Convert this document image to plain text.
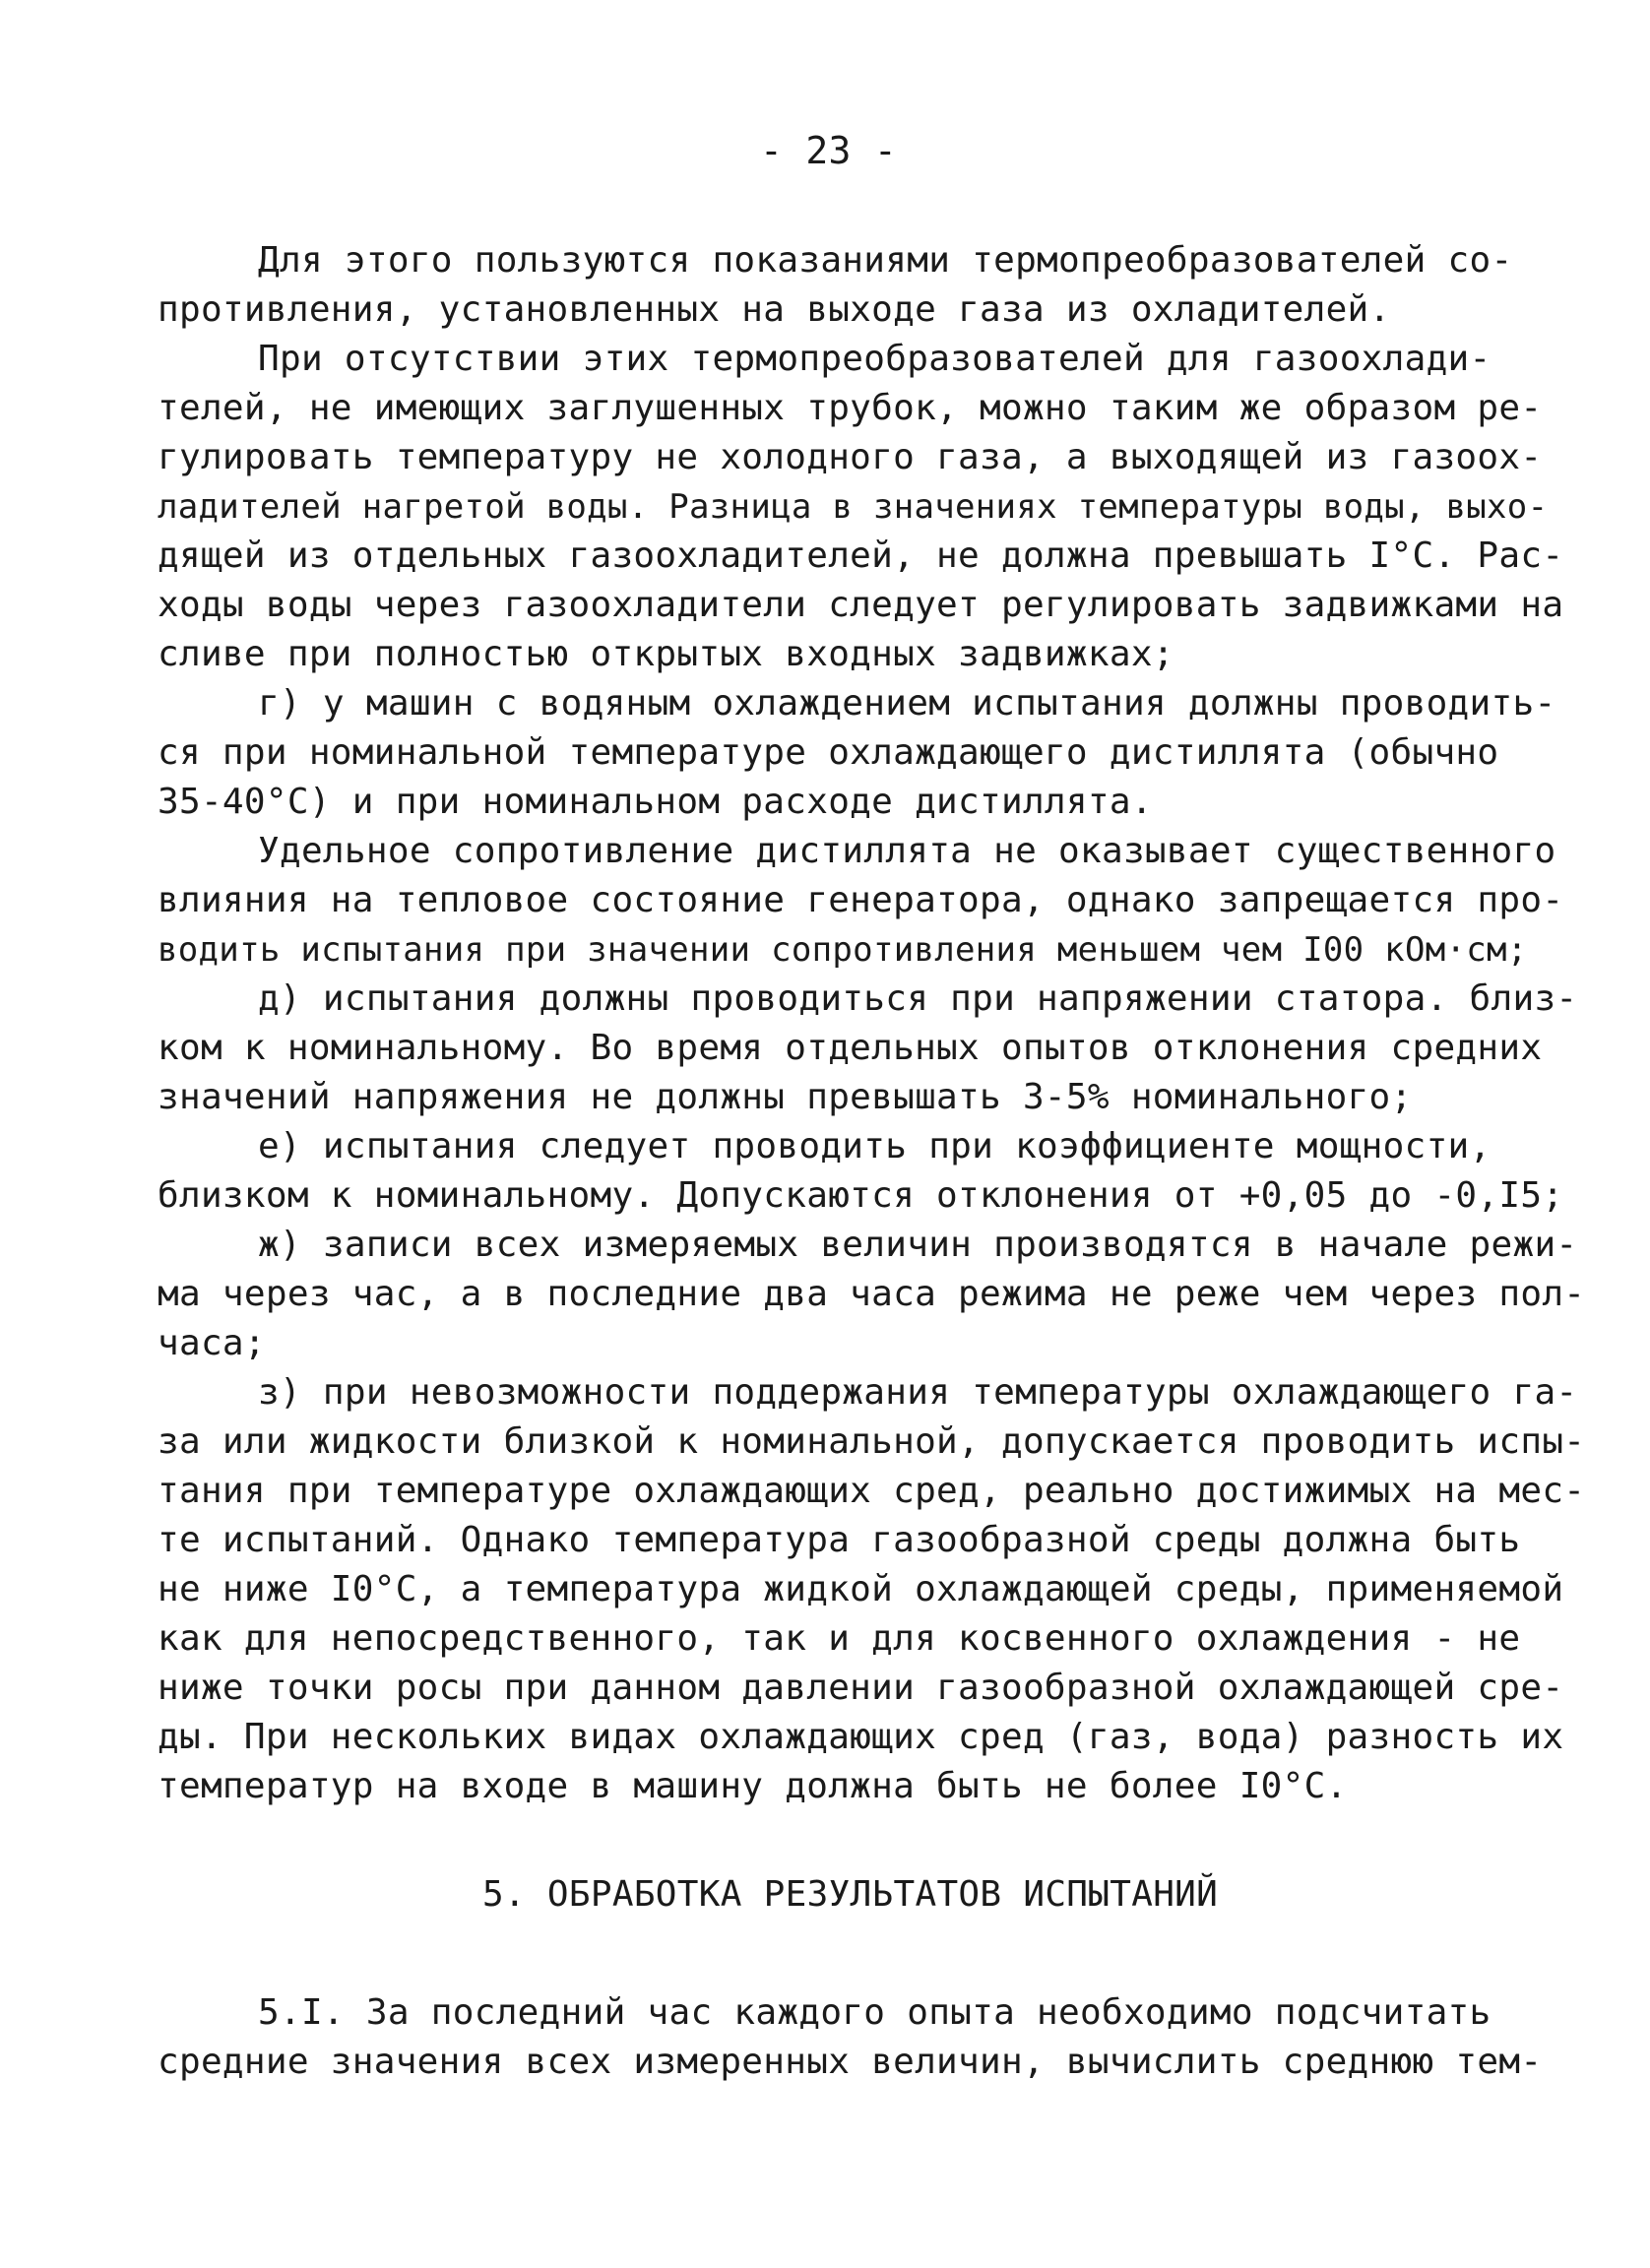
- 23 -
Для этого пользуются показаниями термопреобразователей со-
противления, установленных на выходе газа из охладителей.
При отсутствии этих термопреобразователей для газоохлади-
телей, не имеющих заглушенных трубок, можно таким же образом ре-
гулировать температуру не холодного газа, а выходящей из газоох-
ладителей нагретой воды. Разница в значениях температуры воды, выхо-
дящей из отдельных газоохладителей, не должна превышать I°С. Рас-
ходы воды через газоохладители следует регулировать задвижками на
сливе при полностью открытых входных задвижках;
г) у машин с водяным охлаждением испытания должны проводить-
ся при номинальной температуре охлаждающего дистиллята (обычно
35-40°С) и при номинальном расходе дистиллята.
Удельное сопротивление дистиллята не оказывает существенного
влияния на тепловое состояние генератора, однако запрещается про-
водить испытания при значении сопротивления меньшем чем I00 кОм·см;
д) испытания должны проводиться при напряжении статора. близ-
ком к номинальному. Во время отдельных опытов отклонения средних
значений напряжения не должны превышать 3-5% номинального;
е) испытания следует проводить при коэффициенте мощности,
близком к номинальному. Допускаются отклонения от +0,05 до -0,I5;
ж) записи всех измеряемых величин производятся в начале режи-
ма через час, а в последние два часа режима не реже чем через пол-
часа;
з) при невозможности поддержания температуры охлаждающего га-
за или жидкости близкой к номинальной, допускается проводить испы-
тания при температуре охлаждающих сред, реально достижимых на мес-
те испытаний. Однако температура газообразной среды должна быть
не ниже I0°С, а температура жидкой охлаждающей среды, применяемой
как для непосредственного, так и для косвенного охлаждения - не
ниже точки росы при данном давлении газообразной охлаждающей сре-
ды. При нескольких видах охлаждающих сред (газ, вода) разность их
температур на входе в машину должна быть не более I0°С.
5. ОБРАБОТКА РЕЗУЛЬТАТОВ ИСПЫТАНИЙ
5.I. За последний час каждого опыта необходимо подсчитать
средние значения всех измеренных величин, вычислить среднюю тем-
